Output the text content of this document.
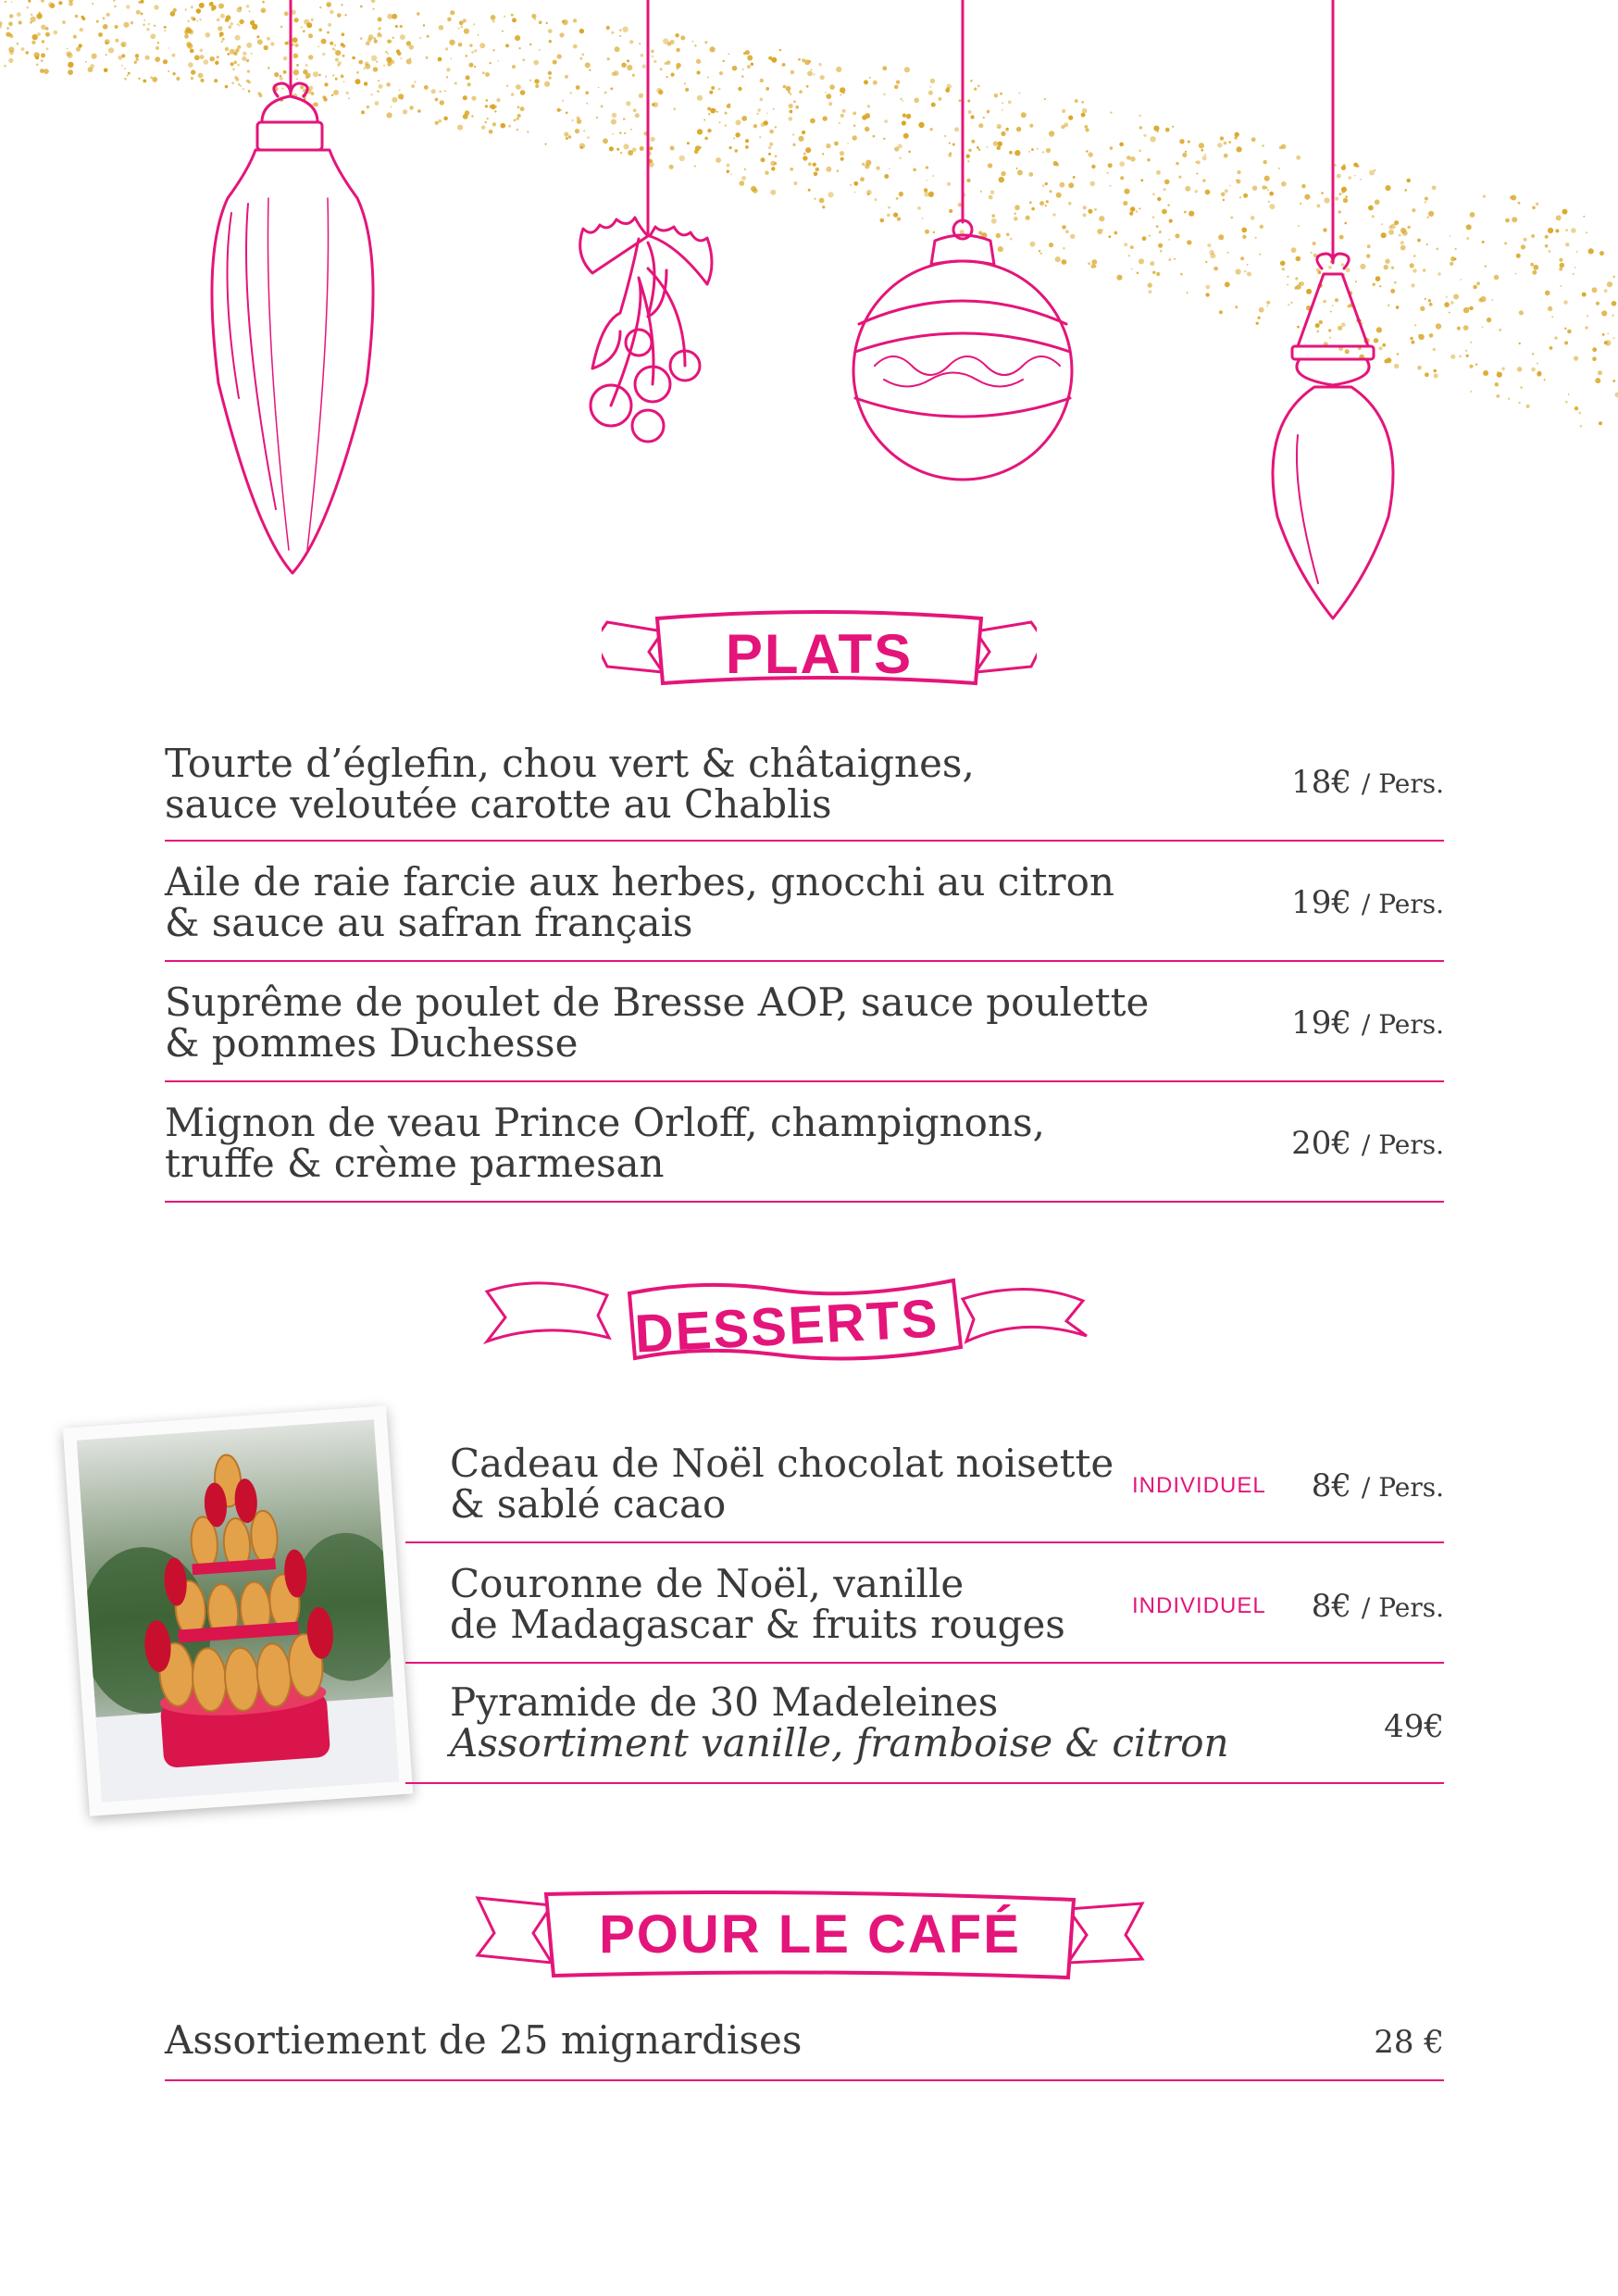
PLATS
Tourte d’églefin, chou vert & châtaignes,
sauce veloutée carotte au Chablis	18€ / Pers.
Aile de raie farcie aux herbes, gnocchi au citron
& sauce au safran français	19€ / Pers.
Suprême de poulet de Bresse AOP, sauce poulette
& pommes Duchesse	19€ / Pers.
Mignon de veau Prince Orloff, champignons,
truffe & crème parmesan	20€ / Pers.
DESSERTS
Cadeau de Noël chocolat noisette
& sablé cacao	INDIVIDUEL 8€ / Pers.
Couronne de Noël, vanille
de Madagascar & fruits rouges	INDIVIDUEL 8€ / Pers.
Pyramide de 30 Madeleines
Assortiment vanille, framboise & citron	49€
POUR LE CAFÉ
Assortiement de 25 mignardises	28 €
